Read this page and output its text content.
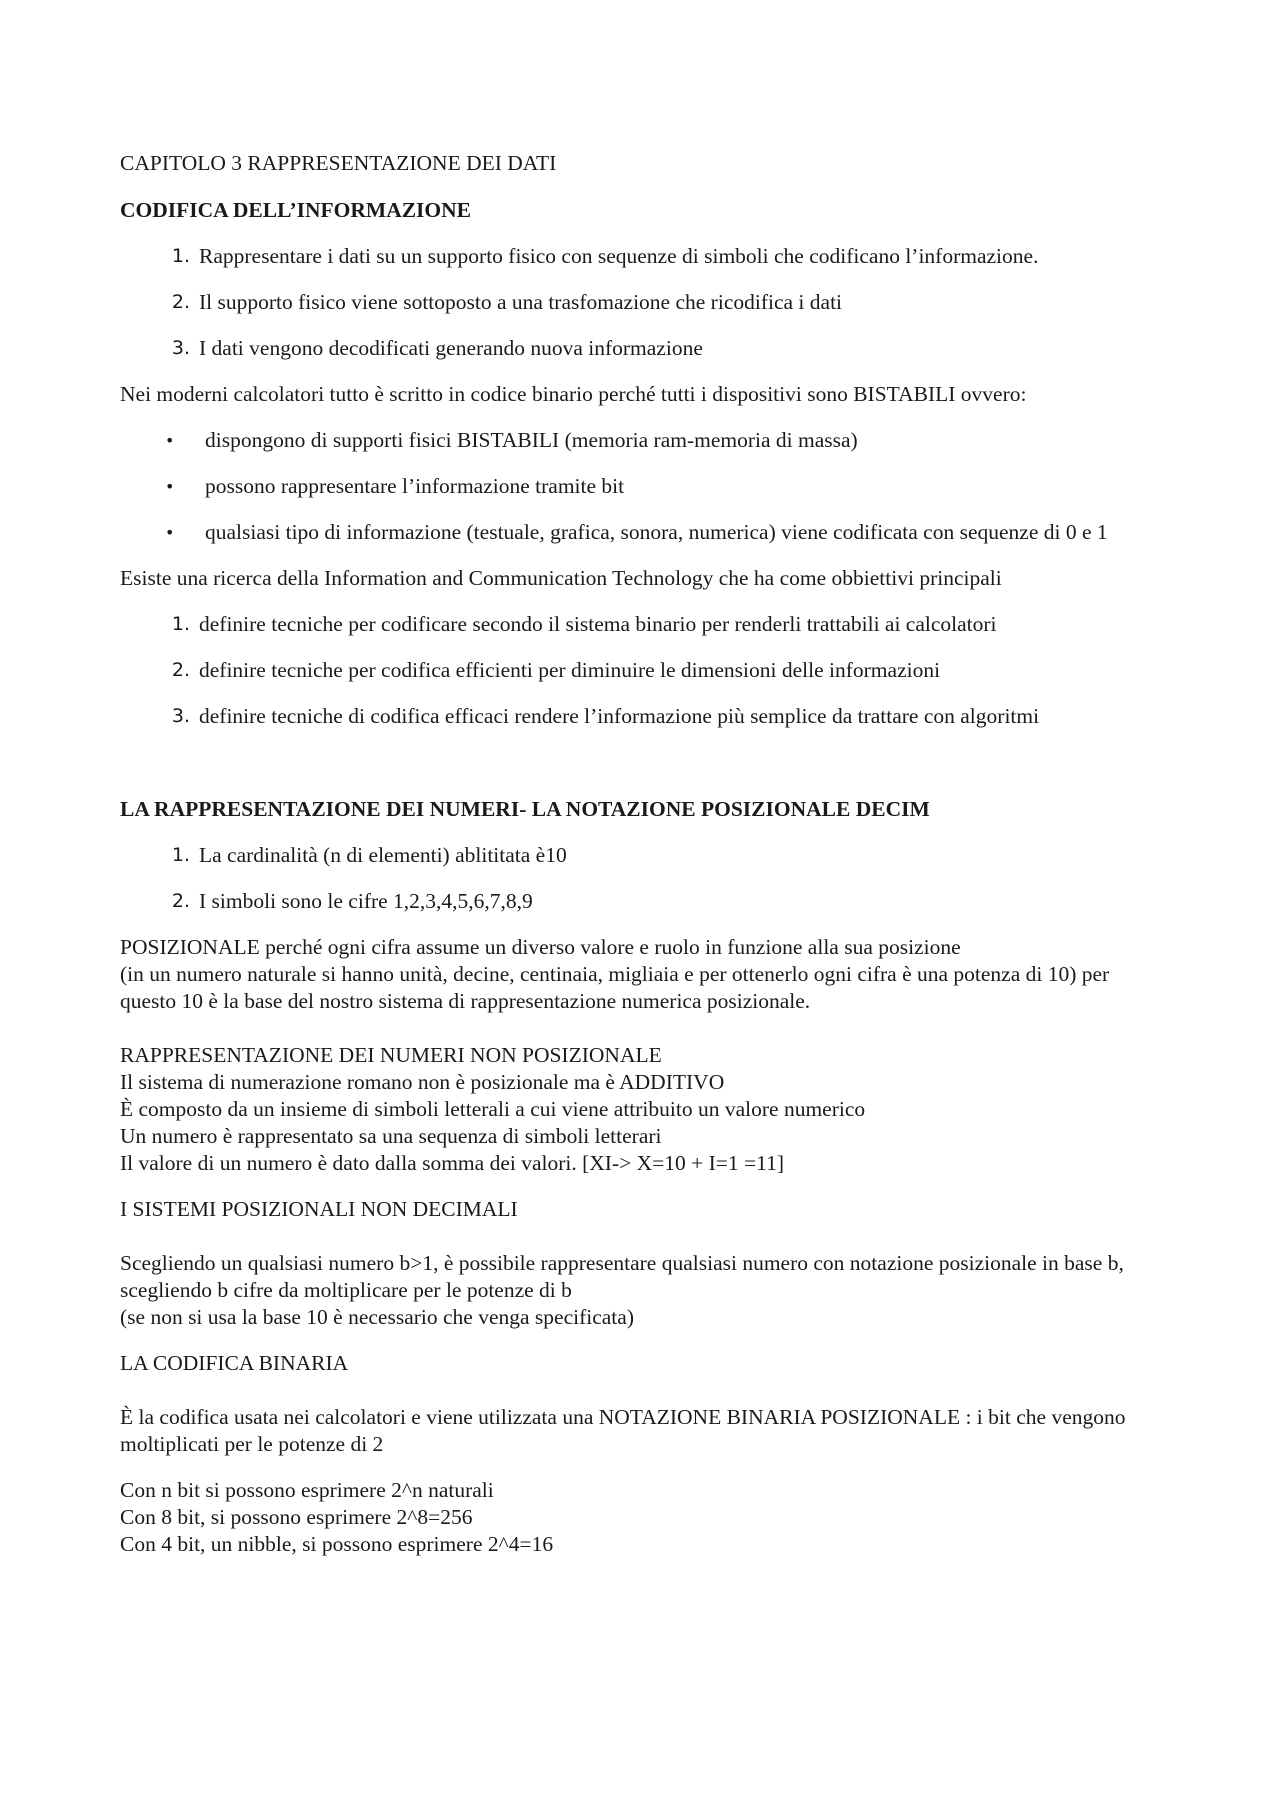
CAPITOLO 3 RAPPRESENTAZIONE DEI DATI

CODIFICA DELL’INFORMAZIONE

1. Rappresentare i dati su un supporto fisico con sequenze di simboli che codificano l’informazione.
2. Il supporto fisico viene sottoposto a una trasfomazione che ricodifica i dati
3. I dati vengono decodificati generando nuova informazione

Nei moderni calcolatori tutto è scritto in codice binario perché tutti i dispositivi sono BISTABILI ovvero:

• dispongono di supporti fisici BISTABILI (memoria ram-memoria di massa)
• possono rappresentare l’informazione tramite bit
• qualsiasi tipo di informazione (testuale, grafica, sonora, numerica) viene codificata con sequenze di 0 e 1

Esiste una ricerca della Information and Communication Technology che ha come obbiettivi principali

1. definire tecniche per codificare secondo il sistema binario per renderli trattabili ai calcolatori
2. definire tecniche per codifica efficienti per diminuire le dimensioni delle informazioni
3. definire tecniche di codifica efficaci rendere l’informazione più semplice da trattare con algoritmi

LA RAPPRESENTAZIONE DEI NUMERI- LA NOTAZIONE POSIZIONALE DECIM

1. La cardinalità (n di elementi) ablititata è10
2. I simboli sono le cifre 1,2,3,4,5,6,7,8,9

POSIZIONALE perché ogni cifra assume un diverso valore e ruolo in funzione alla sua posizione

(in un numero naturale si hanno unità, decine, centinaia, migliaia e per ottenerlo ogni cifra è una potenza di 10) per questo 10 è la base del nostro sistema di rappresentazione numerica posizionale.

RAPPRESENTAZIONE DEI NUMERI NON POSIZIONALE

Il sistema di numerazione romano non è posizionale ma è ADDITIVO

È composto da un insieme di simboli letterali a cui viene attribuito un valore numerico

Un numero è rappresentato sa una sequenza di simboli letterari

Il valore di un numero è dato dalla somma dei valori. [XI-> X=10 + I=1 =11]

I SISTEMI POSIZIONALI NON DECIMALI

Scegliendo un qualsiasi numero b>1, è possibile rappresentare qualsiasi numero con notazione posizionale in base b, scegliendo b cifre da moltiplicare per le potenze di b

(se non si usa la base 10 è necessario che venga specificata)

LA CODIFICA BINARIA

È la codifica usata nei calcolatori e viene utilizzata una NOTAZIONE BINARIA POSIZIONALE : i bit che vengono moltiplicati per le potenze di 2

Con n bit si possono esprimere 2^n naturali

Con 8 bit, si possono esprimere 2^8=256

Con 4 bit, un nibble, si possono esprimere 2^4=16
